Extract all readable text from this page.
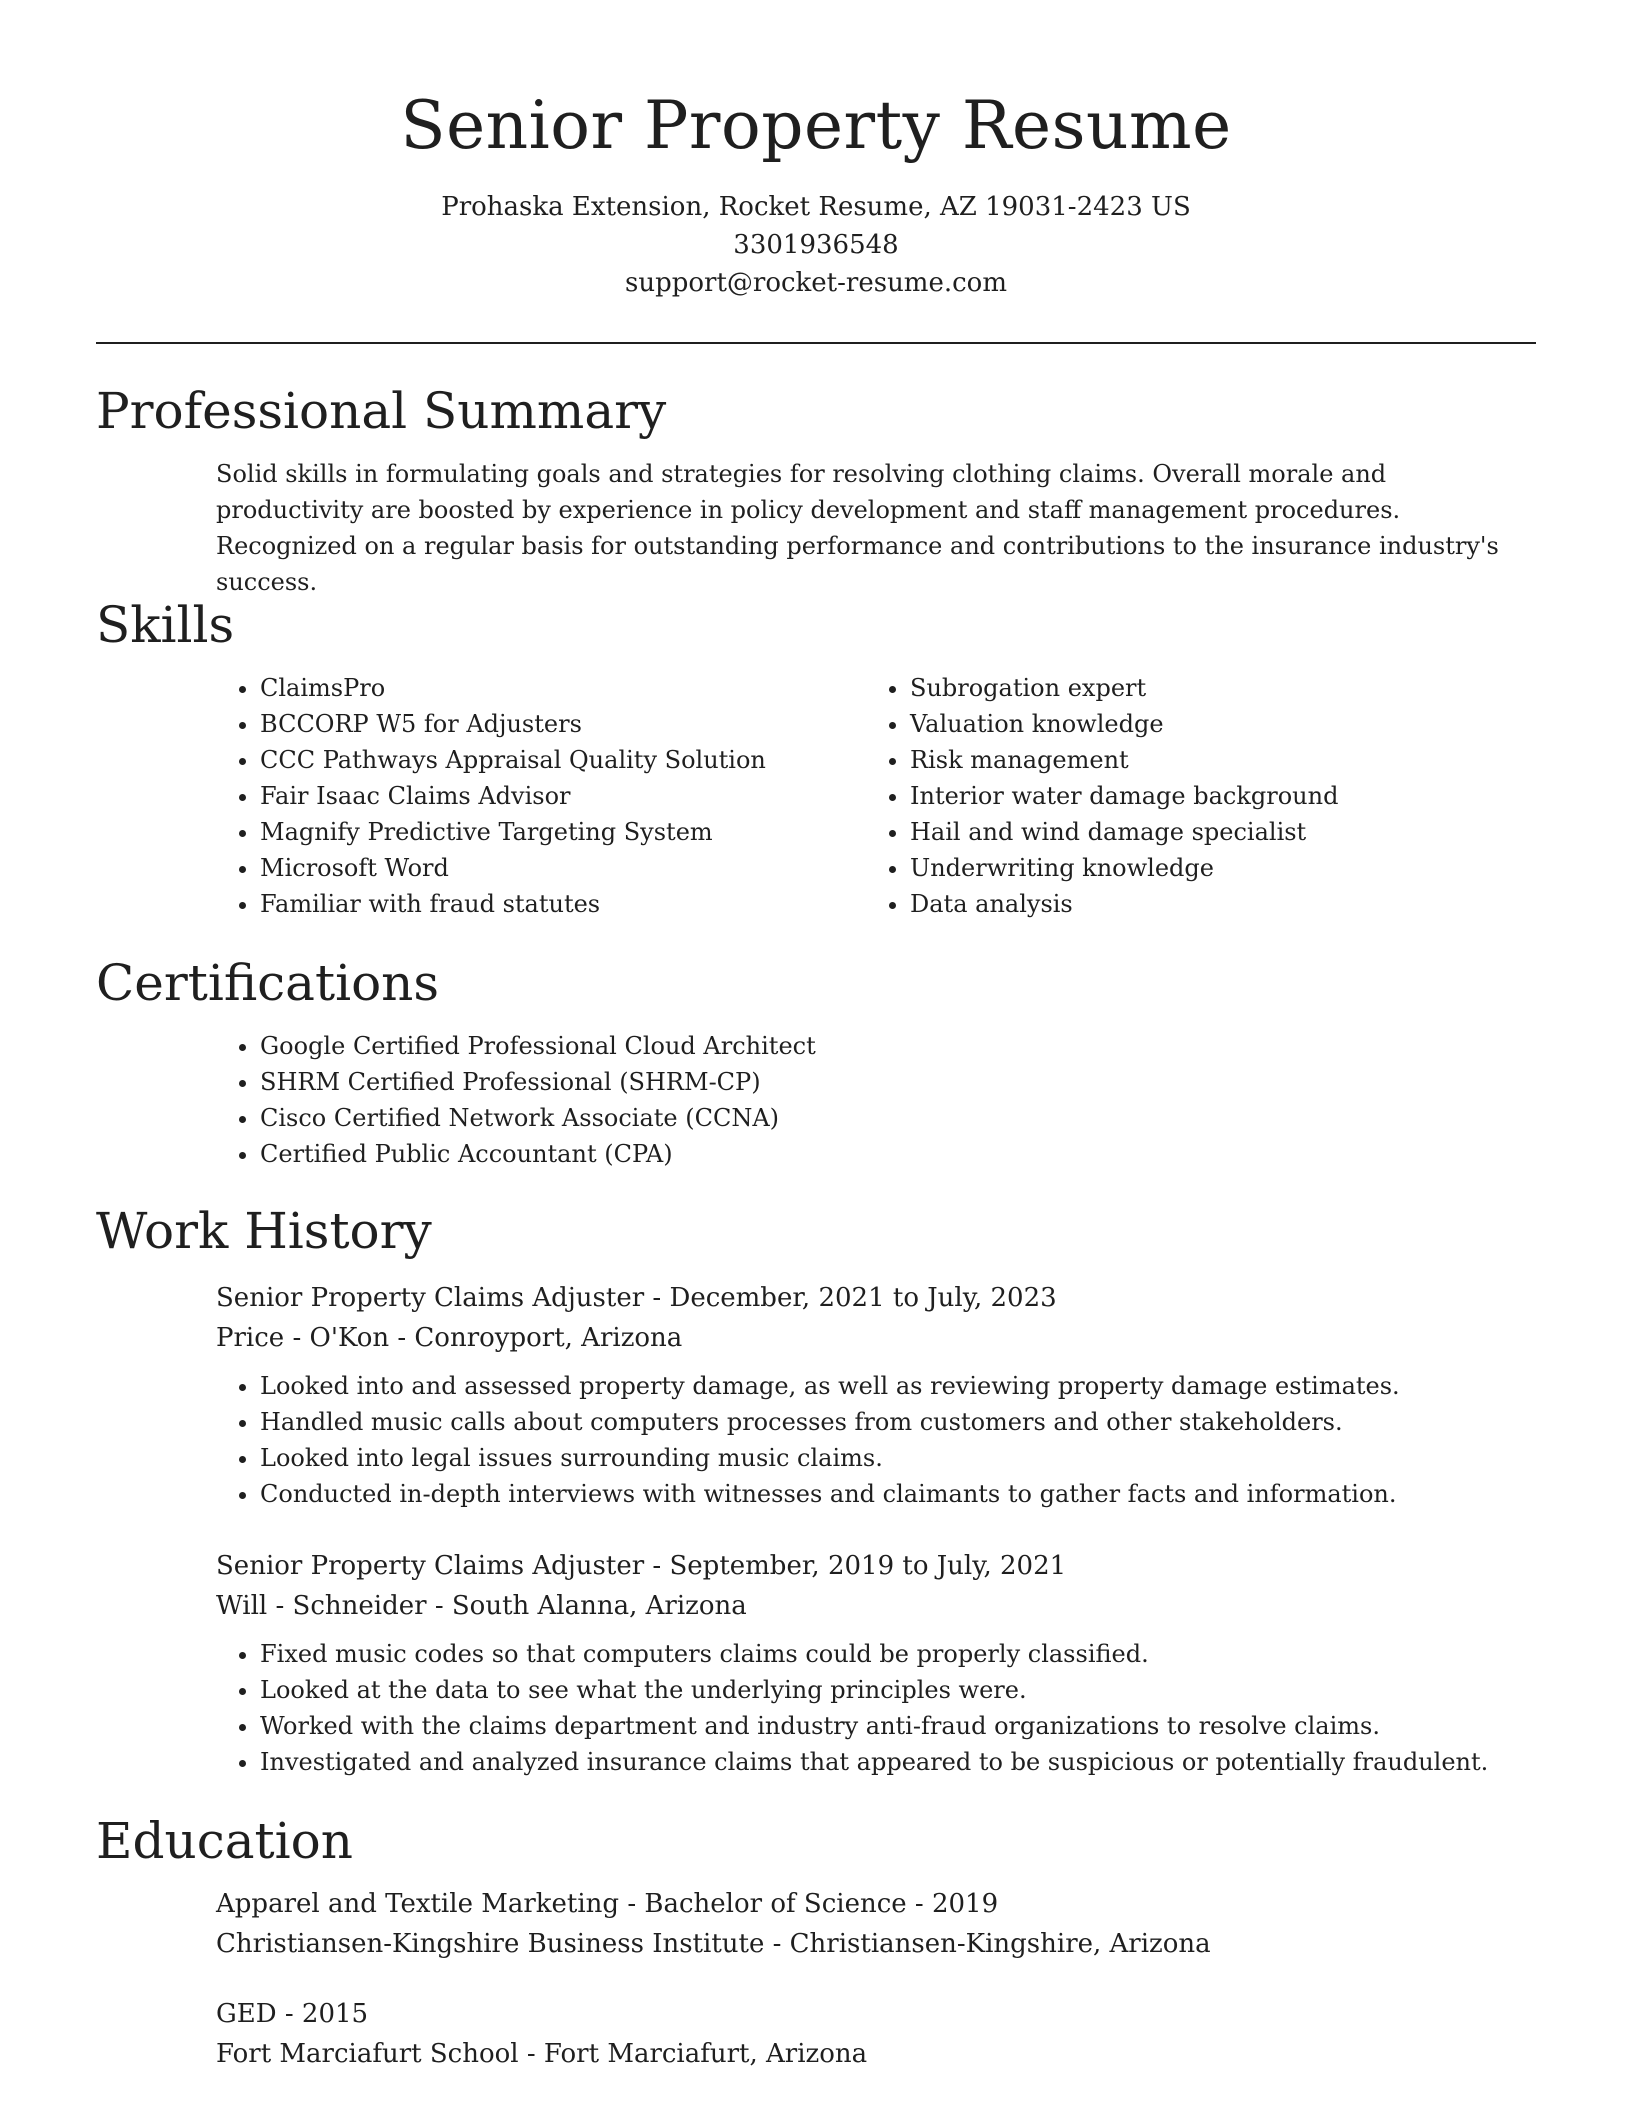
Senior Property Resume
Prohaska Extension, Rocket Resume, AZ 19031-2423 US
3301936548
support@rocket-resume.com
Professional Summary

Solid skills in formulating goals and strategies for resolving clothing claims. Overall morale and productivity are boosted by experience in policy development and staff management procedures. Recognized on a regular basis for outstanding performance and contributions to the insurance industry's success.

Skills
• ClaimsPro
• BCCORP W5 for Adjusters
• CCC Pathways Appraisal Quality Solution
• Fair Isaac Claims Advisor
• Magnify Predictive Targeting System
• Microsoft Word
• Familiar with fraud statutes
• Subrogation expert
• Valuation knowledge
• Risk management
• Interior water damage background
• Hail and wind damage specialist
• Underwriting knowledge
• Data analysis
Certifications
• Google Certified Professional Cloud Architect
• SHRM Certified Professional (SHRM-CP)
• Cisco Certified Network Associate (CCNA)
• Certified Public Accountant (CPA)
Work History
Senior Property Claims Adjuster - December, 2021 to July, 2023
Price - O'Kon - Conroyport, Arizona
• Looked into and assessed property damage, as well as reviewing property damage estimates.
• Handled music calls about computers processes from customers and other stakeholders.
• Looked into legal issues surrounding music claims.
• Conducted in-depth interviews with witnesses and claimants to gather facts and information.
Senior Property Claims Adjuster - September, 2019 to July, 2021
Will - Schneider - South Alanna, Arizona
• Fixed music codes so that computers claims could be properly classified.
• Looked at the data to see what the underlying principles were.
• Worked with the claims department and industry anti-fraud organizations to resolve claims.
• Investigated and analyzed insurance claims that appeared to be suspicious or potentially fraudulent.
Education
Apparel and Textile Marketing - Bachelor of Science - 2019
Christiansen-Kingshire Business Institute - Christiansen-Kingshire, Arizona
GED - 2015
Fort Marciafurt School - Fort Marciafurt, Arizona
